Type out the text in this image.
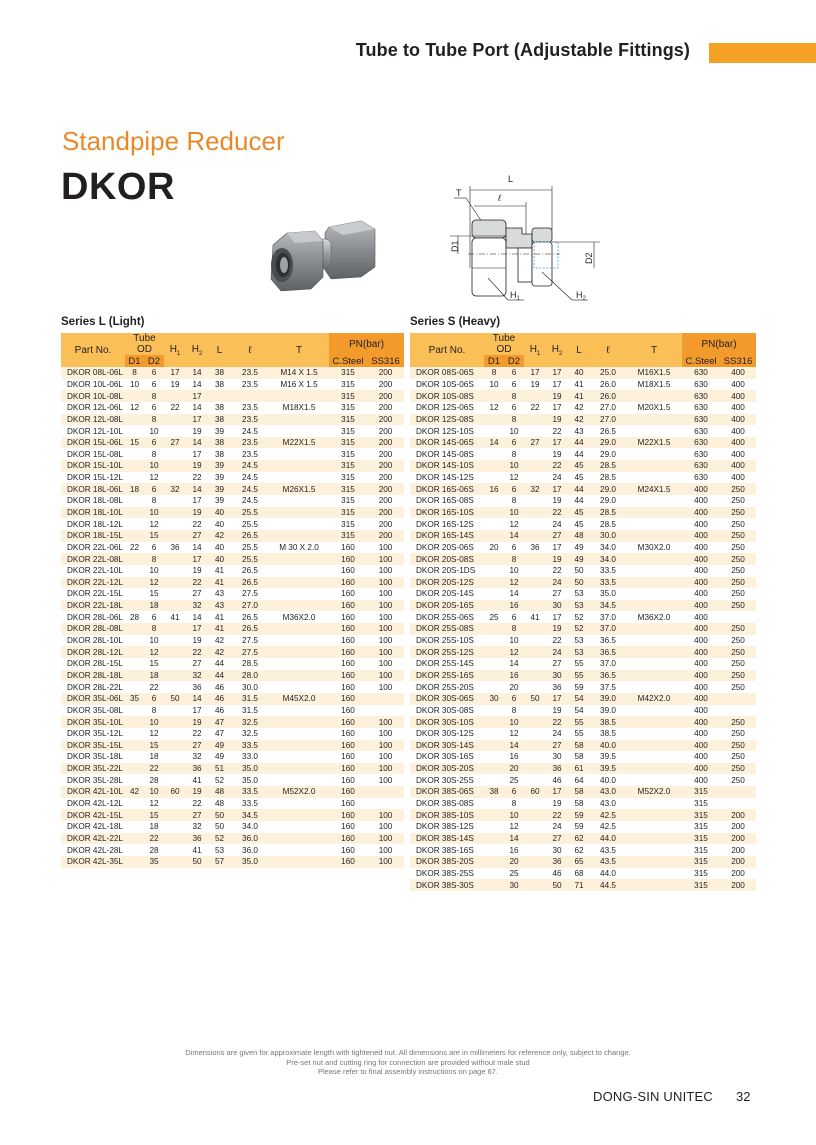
Tube to Tube Port (Adjustable Fittings)
Standpipe Reducer
DKOR	L
ℓ
T
D1
D2
$H_1$	$H_2$
Series L (Light)
Part No.	Tube OD		$H_1$	$H_2$	L	ℓ	T	PN(bar)	
	D1	D2						C.Steel	SS316
DKOR 08L-06L	8	6	17	14	38	23.5	M14 X 1.5	315	200
DKOR 10L-06L	10	6	19	14	38	23.5	M16 X 1.5	315	200
DKOR 10L-08L		8		17				315	200
DKOR 12L-06L	12	6	22	14	38	23.5	M18X1.5	315	200
DKOR 12L-08L		8		17	38	23.5		315	200
DKOR 12L-10L		10		19	39	24.5		315	200
DKOR 15L-06L	15	6	27	14	38	23.5	M22X1.5	315	200
DKOR 15L-08L		8		17	38	23.5		315	200
DKOR 15L-10L		10		19	39	24.5		315	200
DKOR 15L-12L		12		22	39	24.5		315	200
DKOR 18L-06L	18	6	32	14	39	24.5	M26X1.5	315	200
DKOR 18L-08L		8		17	39	24.5		315	200
DKOR 18L-10L		10		19	40	25.5		315	200
DKOR 18L-12L		12		22	40	25.5		315	200
DKOR 18L-15L		15		27	42	26.5		315	200
DKOR 22L-06L	22	6	36	14	40	25.5	M 30 X 2.0	160	100
DKOR 22L-08L		8		17	40	25.5		160	100
DKOR 22L-10L		10		19	41	26.5		160	100
DKOR 22L-12L		12		22	41	26.5		160	100
DKOR 22L-15L		15		27	43	27.5		160	100
DKOR 22L-18L		18		32	43	27.0		160	100
DKOR 28L-06L	28	6	41	14	41	26.5	M36X2.0	160	100
DKOR 28L-08L		8		17	41	26.5		160	100
DKOR 28L-10L		10		19	42	27.5		160	100
DKOR 28L-12L		12		22	42	27.5		160	100
DKOR 28L-15L		15		27	44	28.5		160	100
DKOR 28L-18L		18		32	44	28.0		160	100
DKOR 28L-22L		22		36	46	30.0		160	100
DKOR 35L-06L	35	6	50	14	46	31.5	M45X2.0	160	
DKOR 35L-08L		8		17	46	31.5		160	
DKOR 35L-10L		10		19	47	32.5		160	100
DKOR 35L-12L		12		22	47	32.5		160	100
DKOR 35L-15L		15		27	49	33.5		160	100
DKOR 35L-18L		18		32	49	33.0		160	100
DKOR 35L-22L		22		36	51	35.0		160	100
DKOR 35L-28L		28		41	52	35.0		160	100
DKOR 42L-10L	42	10	60	19	48	33.5	M52X2.0	160	
DKOR 42L-12L		12		22	48	33.5		160	
DKOR 42L-15L		15		27	50	34.5		160	100
DKOR 42L-18L		18		32	50	34.0		160	100
DKOR 42L-22L		22		36	52	36.0		160	100
DKOR 42L-28L		28		41	53	36.0		160	100
DKOR 42L-35L		35		50	57	35.0		160	100
Series S (Heavy)
Part No.	Tube OD		$H_1$	$H_2$	L	ℓ	T	PN(bar)	
	D1	D2						C.Steel	SS316
DKOR 08S-06S	8	6	17	17	40	25.0	M16X1.5	630	400
DKOR 10S-06S	10	6	19	17	41	26.0	M18X1.5	630	400
DKOR 10S-08S		8		19	41	26.0		630	400
DKOR 12S-06S	12	6	22	17	42	27.0	M20X1.5	630	400
DKOR 12S-08S		8		19	42	27.0		630	400
DKOR 12S-10S		10		22	43	26.5		630	400
DKOR 14S-06S	14	6	27	17	44	29.0	M22X1.5	630	400
DKOR 14S-08S		8		19	44	29.0		630	400
DKOR 14S-10S		10		22	45	28.5		630	400
DKOR 14S-12S		12		24	45	28.5		630	400
DKOR 16S-06S	16	6	32	17	44	29.0	M24X1.5	400	250
DKOR 16S-08S		8		19	44	29.0		400	250
DKOR 16S-10S		10		22	45	28.5		400	250
DKOR 16S-12S		12		24	45	28.5		400	250
DKOR 16S-14S		14		27	48	30.0		400	250
DKOR 20S-06S	20	6	36	17	49	34.0	M30X2.0	400	250
DKOR 20S-08S		8		19	49	34.0		400	250
DKOR 20S-1DS		10		22	50	33.5		400	250
DKOR 20S-12S		12		24	50	33.5		400	250
DKOR 20S-14S		14		27	53	35.0		400	250
DKOR 20S-16S		16		30	53	34.5		400	250
DKOR 25S-06S	25	6	41	17	52	37.0	M36X2.0	400	
DKOR 25S-08S		8		19	52	37.0		400	250
DKOR 25S-10S		10		22	53	36.5		400	250
DKOR 25S-12S		12		24	53	36.5		400	250
DKOR 25S-14S		14		27	55	37.0		400	250
DKOR 25S-16S		16		30	55	36.5		400	250
DKOR 25S-20S		20		36	59	37.5		400	250
DKOR 30S-06S	30	6	50	17	54	39.0	M42X2.0	400	
DKOR 30S-08S		8		19	54	39.0		400	
DKOR 30S-10S		10		22	55	38.5		400	250
DKOR 30S-12S		12		24	55	38.5		400	250
DKOR 30S-14S		14		27	58	40.0		400	250
DKOR 30S-16S		16		30	58	39.5		400	250
DKOR 30S-20S		20		36	61	39.5		400	250
DKOR 30S-25S		25		46	64	40.0		400	250
DKOR 38S-06S	38	6	60	17	58	43.0	M52X2.0	315	
DKOR 38S-08S		8		19	58	43.0		315	
DKOR 38S-10S		10		22	59	42.5		315	200
DKOR 38S-12S		12		24	59	42.5		315	200
DKOR 38S-14S		14		27	62	44.0		315	200
DKOR 38S-16S		16		30	62	43.5		315	200
DKOR 38S-20S		20		36	65	43.5		315	200
DKOR 38S-25S		25		46	68	44.0		315	200
DKOR 38S-30S		30		50	71	44.5		315	200
Dimensions are given for approximate length with tightened nut. All dimensions are in millimeters for reference only, subject to change.
Pre-set nut and cutting ring for connection are provided without male stud
Please refer to final assembly instructions on page 67.
DONG-SIN UNITEC 32
